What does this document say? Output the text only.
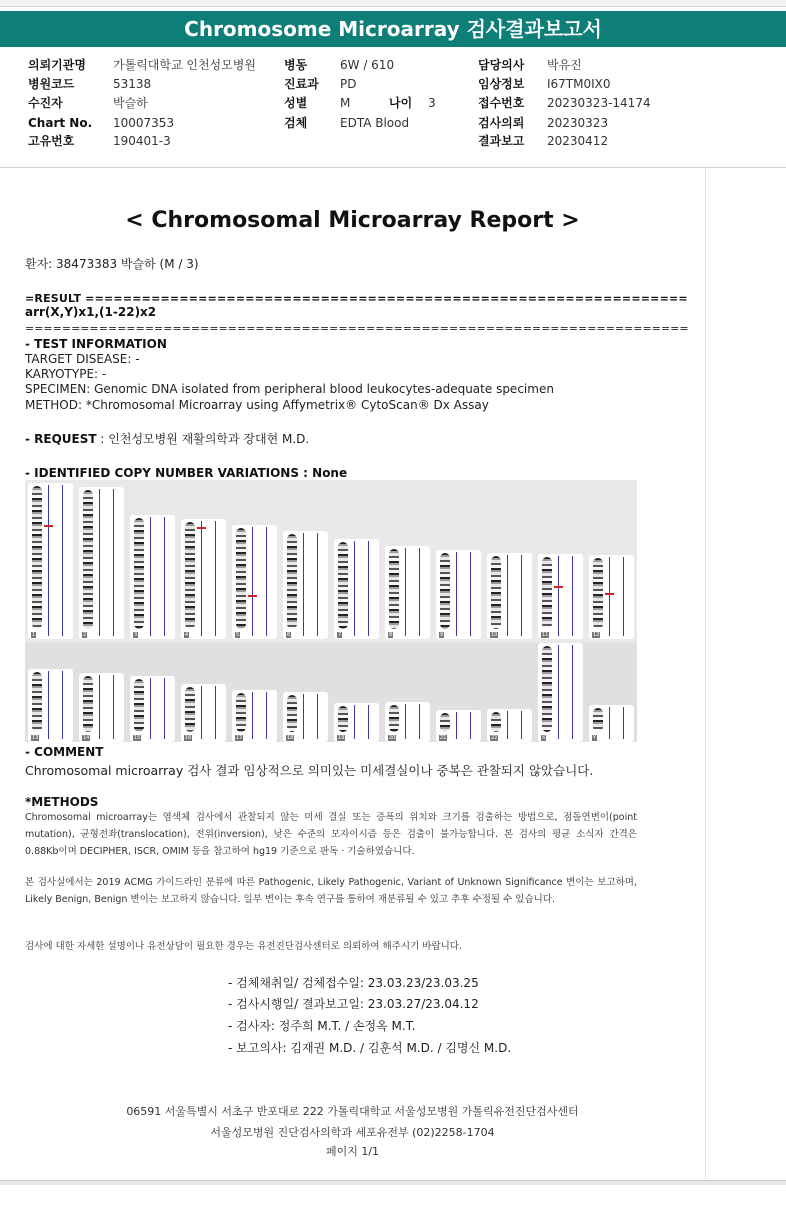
Chromosome Microarray 검사결과보고서
의뢰기관명 가톨릭대학교 인천성모병원
병원코드	53138
수진자	박슬하
Chart No. 10007353
고유번호	190401-3
병동	6W / 610
진료과 PD
성별	M	나이 3
검체	EDTA Blood
담당의사 박유진
임상정보 I67TM0IX0
접수번호 20230323-14174
검사의뢰 20230323
결과보고 20230412
< Chromosomal Microarray Report >
환자: 38473383 박슬하 (M / 3)
=RESULT ================================================================
arr(X,Y)x1,(1-22)x2
========================================================================
- TEST INFORMATION
TARGET DISEASE: -
KARYOTYPE: -
SPECIMEN: Genomic DNA isolated from peripheral blood leukocytes-adequate specimen
METHOD: *Chromosomal Microarray using Affymetrix® CytoScan® Dx Assay
- REQUEST : 인천성모병원 재활의학과 장대현 M.D.
- IDENTIFIED COPY NUMBER VARIATIONS : None
1	2	3	4	5	6	7	8	9	10	11	12
13	14	15	16	17	18	19	20	21	22	X	Y
- COMMENT
Chromosomal microarray 검사 결과 임상적으로 의미있는 미세결실이나 중복은 관찰되지 않았습니다.
*METHODS
Chromosomal microarray는 염색체 검사에서 관찰되지 않는 미세 결실 또는 증폭의 위치와 크기를 검출하는 방법으로, 점돌연변이(point mutation), 균형전좌(translocation), 전위(inversion), 낮은 수준의 모자이시즘 등은 검출이 불가능합니다. 본 검사의 평균 소식자 간격은 0.88Kb이며 DECIPHER, ISCR, OMIM 등을 참고하여 hg19 기준으로 판독 · 기술하였습니다.
본 검사실에서는 2019 ACMG 가이드라인 분류에 따른 Pathogenic, Likely Pathogenic, Variant of Unknown Significance 변이는 보고하며, Likely Benign, Benign 변이는 보고하지 않습니다. 일부 변이는 후속 연구를 통하여 재분류될 수 있고 추후 수정될 수 있습니다.
검사에 대한 자세한 설명이나 유전상담이 필요한 경우는 유전진단검사센터로 의뢰하여 해주시기 바랍니다.
- 검체채취일/ 검체접수일: 23.03.23/23.03.25
- 검사시행일/ 결과보고일: 23.03.27/23.04.12
- 검사자: 정주희 M.T. / 손정옥 M.T.
- 보고의사: 김재권 M.D. / 김훈석 M.D. / 김명신 M.D.
06591 서울특별시 서초구 반포대로 222 가톨릭대학교 서울성모병원 가톨릭유전진단검사센터
서울성모병원 진단검사의학과 세포유전부 (02)2258-1704
페이지 1/1
